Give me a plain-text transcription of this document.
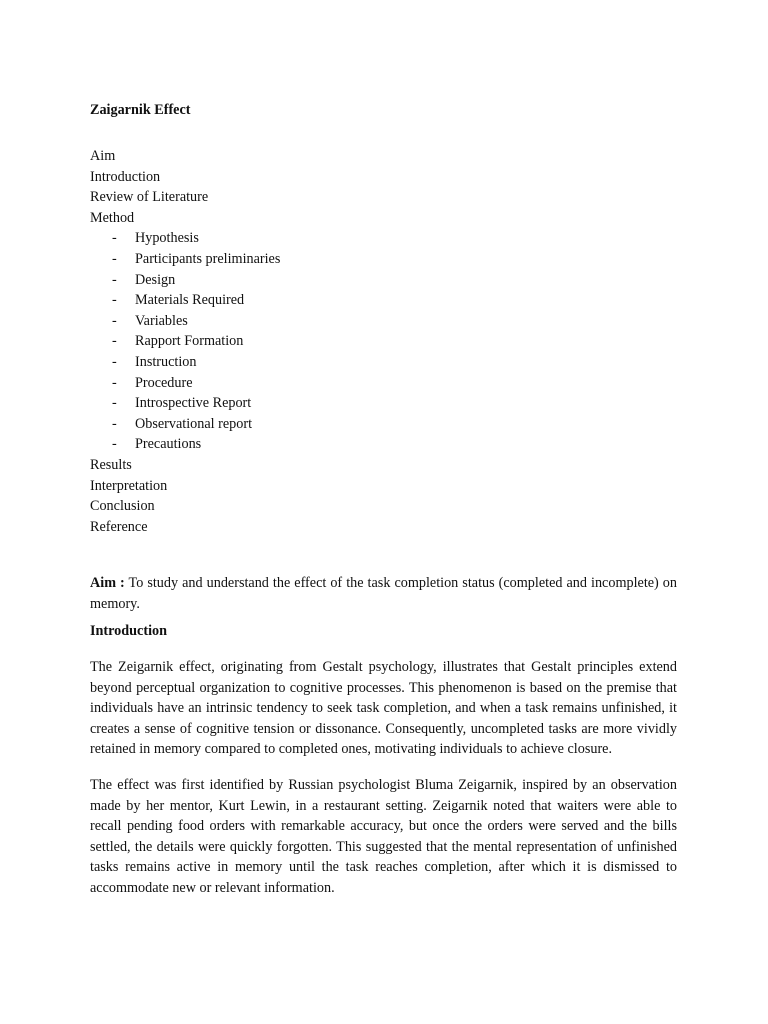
Zaigarnik Effect
Aim
Introduction
Review of Literature
Method
-	Hypothesis
-	Participants preliminaries
-	Design
-	Materials Required
-	Variables
-	Rapport Formation
-	Instruction
-	Procedure
-	Introspective Report
-	Observational report
-	Precautions
Results
Interpretation
Conclusion
Reference

Aim : To study and understand the effect of the task completion status (completed and incomplete) on memory.

Introduction

The Zeigarnik effect, originating from Gestalt psychology, illustrates that Gestalt principles extend beyond perceptual organization to cognitive processes. This phenomenon is based on the premise that individuals have an intrinsic tendency to seek task completion, and when a task remains unfinished, it creates a sense of cognitive tension or dissonance. Consequently, uncompleted tasks are more vividly retained in memory compared to completed ones, motivating individuals to achieve closure.

The effect was first identified by Russian psychologist Bluma Zeigarnik, inspired by an observation made by her mentor, Kurt Lewin, in a restaurant setting. Zeigarnik noted that waiters were able to recall pending food orders with remarkable accuracy, but once the orders were served and the bills settled, the details were quickly forgotten. This suggested that the mental representation of unfinished tasks remains active in memory until the task reaches completion, after which it is dismissed to accommodate new or relevant information.
